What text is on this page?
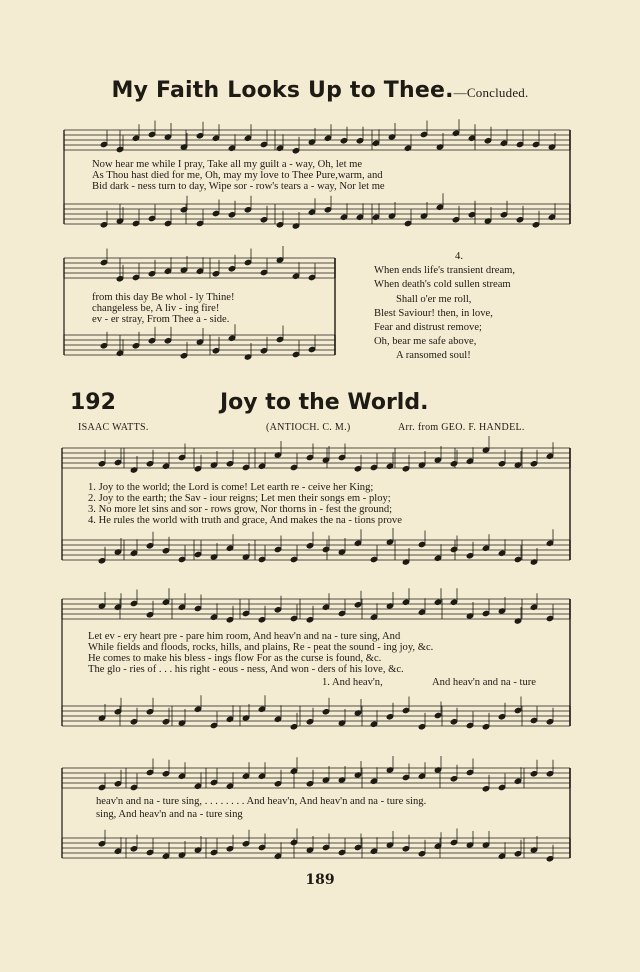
My Faith Looks Up to Thee.—Concluded.
Now hear me while I pray, Take all my guilt a - way, Oh, let me
As Thou hast died for me, Oh, may my love to Thee Pure,warm, and
Bid dark - ness turn to day, Wipe sor - row's tears a - way, Nor let me
from this day Be whol - ly Thine!
changeless be, A liv - ing fire!
ev - er stray, From Thee a - side.
4.
When ends life's transient dream,
When death's cold sullen stream
Shall o'er me roll,
Blest Saviour! then, in love,
Fear and distrust remove;
Oh, bear me safe above,
A ransomed soul!
192	Joy to the World.
ISAAC WATTS.	(ANTIOCH. C. M.)	Arr. from GEO. F. HANDEL.
1. Joy to the world; the Lord is come! Let earth re - ceive her King;
2. Joy to the earth; the Sav - iour reigns; Let men their songs em - ploy;
3. No more let sins and sor - rows grow, Nor thorns in - fest the ground;
4. He rules the world with truth and grace, And makes the na - tions prove
Let ev - ery heart pre - pare him room, And heav'n and na - ture sing, And
While fields and floods, rocks, hills, and plains, Re - peat the sound - ing joy, &c.
He comes to make his bless - ings flow For as the curse is found, &c.
The glo - ries of . . . his right - eous - ness, And won - ders of his love, &c.
1. And heav'n,	And heav'n and na - ture
heav'n and na - ture sing, . . . . . . . . And heav'n, And heav'n and na - ture sing.
sing, And heav'n and na - ture sing
189
